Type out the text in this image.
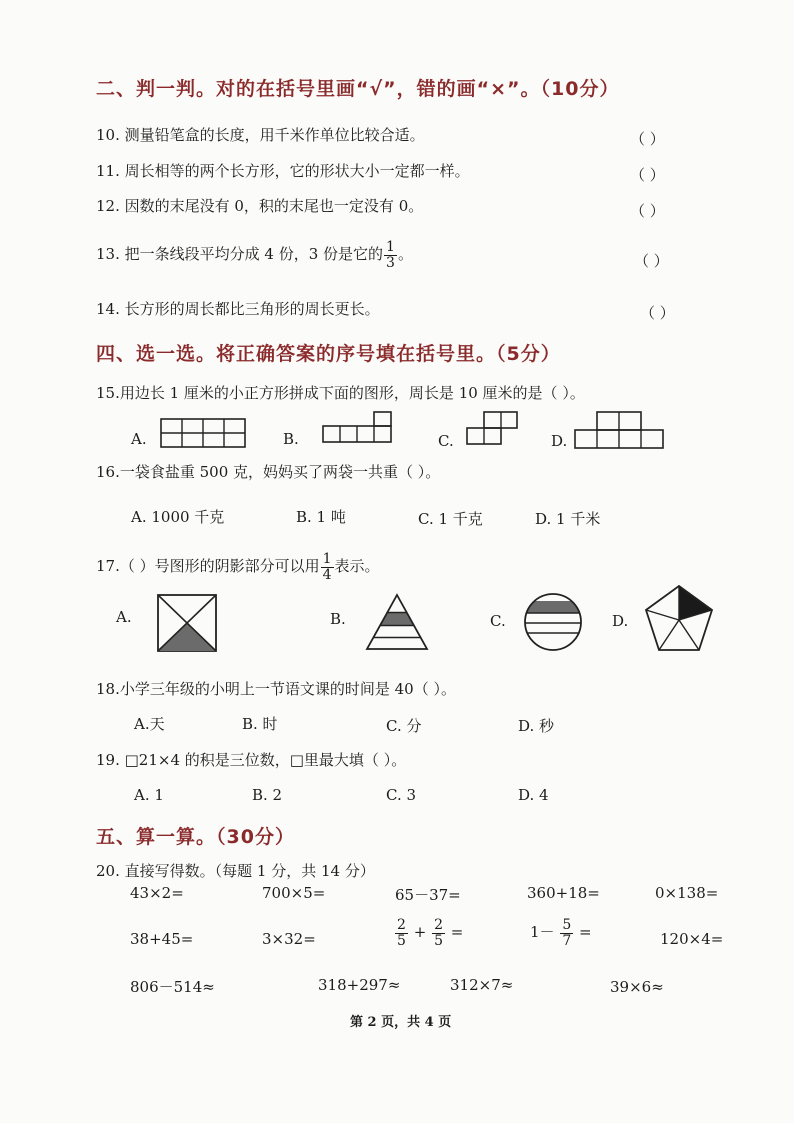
二、判一判。对的在括号里画“√”，错的画“×”。（10分）
10. 测量铅笔盒的长度，用千米作单位比较合适。	（ ）
11. 周长相等的两个长方形，它的形状大小一定都一样。	（ ）
12. 因数的末尾没有 0，积的末尾也一定没有 0。	（ ）
13. 把一条线段平均分成 4 份，3 份是它的 $\frac{1}{3}$ 。	（ ）
14. 长方形的周长都比三角形的周长更长。	（ ）
四、选一选。将正确答案的序号填在括号里。（5分）
15.用边长 1 厘米的小正方形拼成下面的图形，周长是 10 厘米的是（ ）。
A.	B.	C.	D.
16.一袋食盐重 500 克，妈妈买了两袋一共重（ ）。
A. 1000 千克	B. 1 吨	C. 1 千克	D. 1 千米
17.（ ）号图形的阴影部分可以用 $\frac{1}{4}$ 表示。
A.	B.	C.	D.
18.小学三年级的小明上一节语文课的时间是 40（ ）。
A.天	B. 时	C. 分	D. 秒
19. □21×4 的积是三位数，□里最大填（ ）。
A. 1	B. 2	C. 3	D. 4
五、算一算。（30分）
20. 直接写得数。（每题 1 分，共 14 分）
43×2=	700×5=	65－37=	360+18=	0×138=
38+45=	3×32=	$\frac{2}{5} + \frac{2}{5}$ =	$1- \frac{5}{7}$ =	120×4=
806－514≈	318+297≈	312×7≈	39×6≈
第 2 页，共 4 页
